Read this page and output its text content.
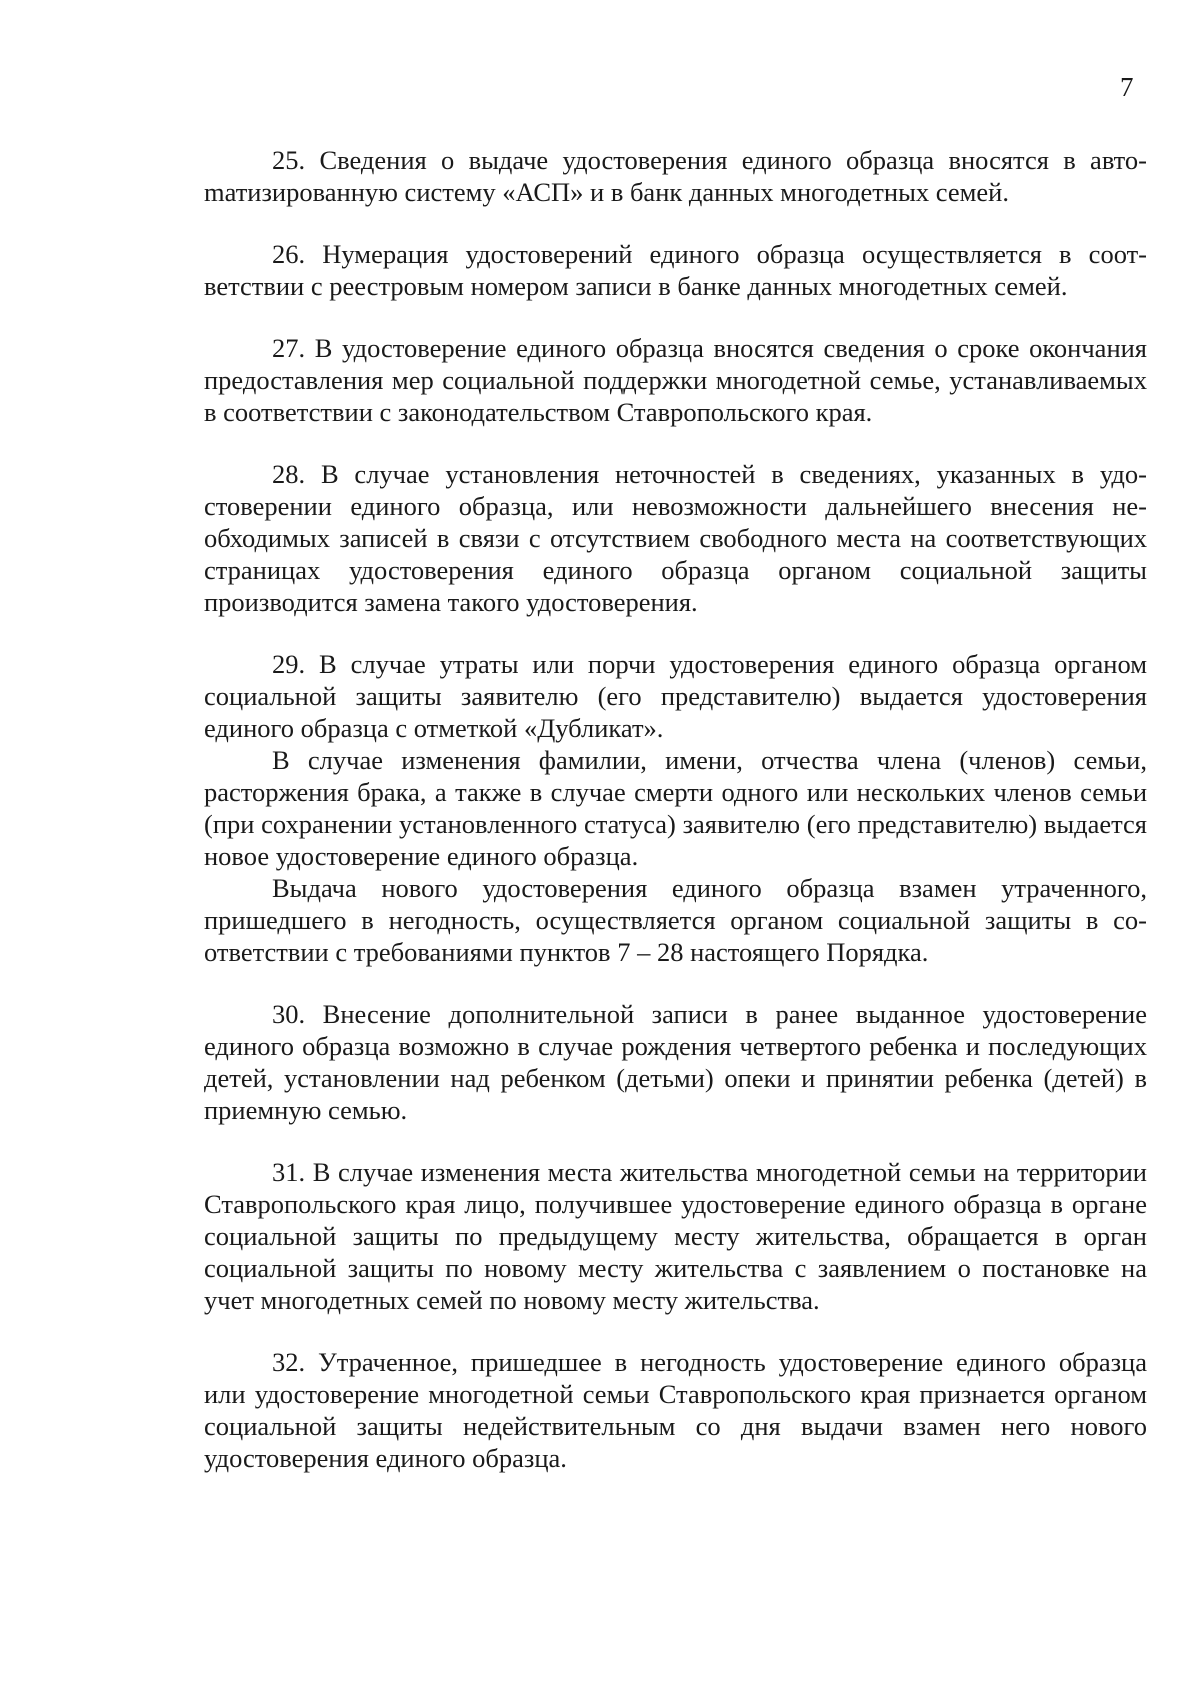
7

25. Сведения о выдаче удостоверения единого образца вносятся в автоmатизированную систему «АСП» и в банк данных многодетных семей.

26. Нумерация удостоверений единого образца осуществляется в соответствии с реестровым номером записи в банке данных многодетных семей.

27. В удостоверение единого образца вносятся сведения о сроке окончания предоставления мер социальной поддержки многодетной семье, устанавливаемых в соответствии с законодательством Ставропольского края.

28. В случае установления неточностей в сведениях, указанных в удостоверении единого образца, или невозможности дальнейшего внесения необходимых записей в связи с отсутствием свободного места на соответствующих страницах удостоверения единого образца органом социальной защиты производится замена такого удостоверения.

29. В случае утраты или порчи удостоверения единого образца органом социальной защиты заявителю (его представителю) выдается удостоверения единого образца с отметкой «Дубликат».

В случае изменения фамилии, имени, отчества члена (членов) семьи, расторжения брака, а также в случае смерти одного или нескольких членов семьи (при сохранении установленного статуса) заявителю (его представителю) выдается новое удостоверение единого образца.

Выдача нового удостоверения единого образца взамен утраченного, пришедшего в негодность, осуществляется органом социальной защиты в соответствии с требованиями пунктов 7 – 28 настоящего Порядка.

30. Внесение дополнительной записи в ранее выданное удостоверение единого образца возможно в случае рождения четвертого ребенка и последующих детей, установлении над ребенком (детьми) опеки и принятии ребенка (детей) в приемную семью.

31. В случае изменения места жительства многодетной семьи на территории Ставропольского края лицо, получившее удостоверение единого образца в органе социальной защиты по предыдущему месту жительства, обращается в орган социальной защиты по новому месту жительства с заявлением о постановке на учет многодетных семей по новому месту жительства.

32. Утраченное, пришедшее в негодность удостоверение единого образца или удостоверение многодетной семьи Ставропольского края признается органом социальной защиты недействительным со дня выдачи взамен него нового удостоверения единого образца.
